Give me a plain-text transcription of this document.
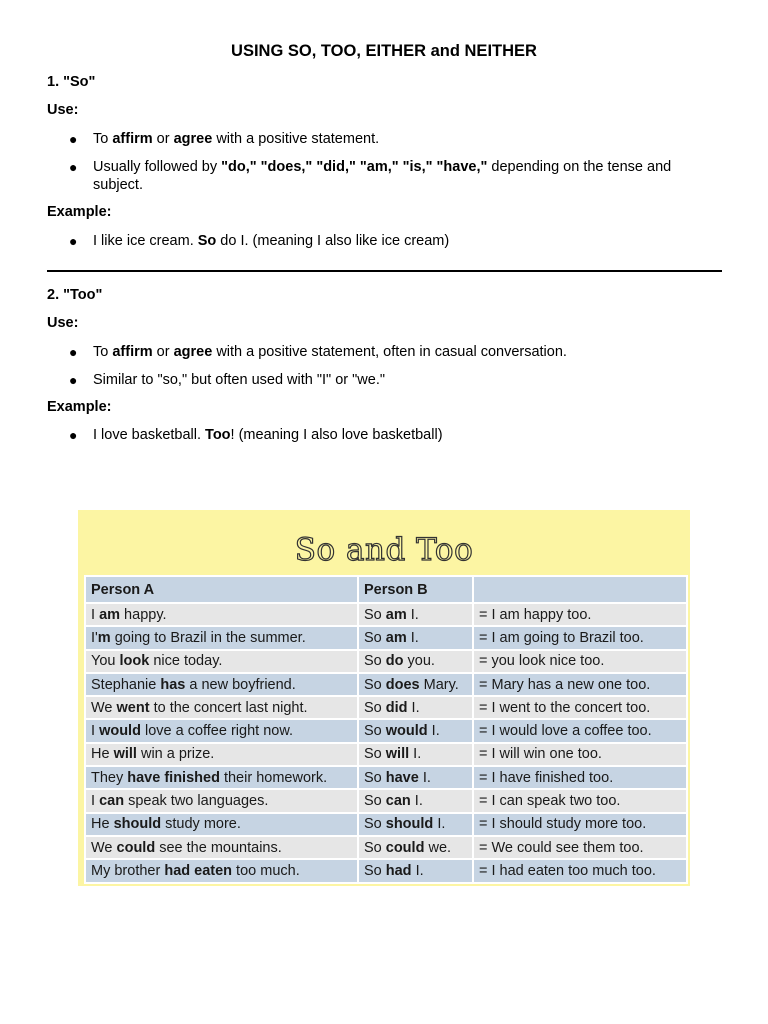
USING SO, TOO, EITHER and NEITHER
1. "So"
Use:
● To affirm or agree with a positive statement.
● Usually followed by "do," "does," "did," "am," "is," "have," depending on the tense and subject.
Example:
● I like ice cream. So do I. (meaning I also like ice cream)
2. "Too"
Use:
● To affirm or agree with a positive statement, often in casual conversation.
● Similar to "so," but often used with "I" or "we."
Example:
● I love basketball. Too! (meaning I also love basketball)
So and Too
Person A	Person B	
I am happy.	So am I.	= I am happy too.
I'm going to Brazil in the summer.	So am I.	= I am going to Brazil too.
You look nice today.	So do you.	= you look nice too.
Stephanie has a new boyfriend.	So does Mary.	= Mary has a new one too.
We went to the concert last night.	So did I.	= I went to the concert too.
I would love a coffee right now.	So would I.	= I would love a coffee too.
He will win a prize.	So will I.	= I will win one too.
They have finished their homework.	So have I.	= I have finished too.
I can speak two languages.	So can I.	= I can speak two too.
He should study more.	So should I.	= I should study more too.
We could see the mountains.	So could we.	= We could see them too.
My brother had eaten too much.	So had I.	= I had eaten too much too.
